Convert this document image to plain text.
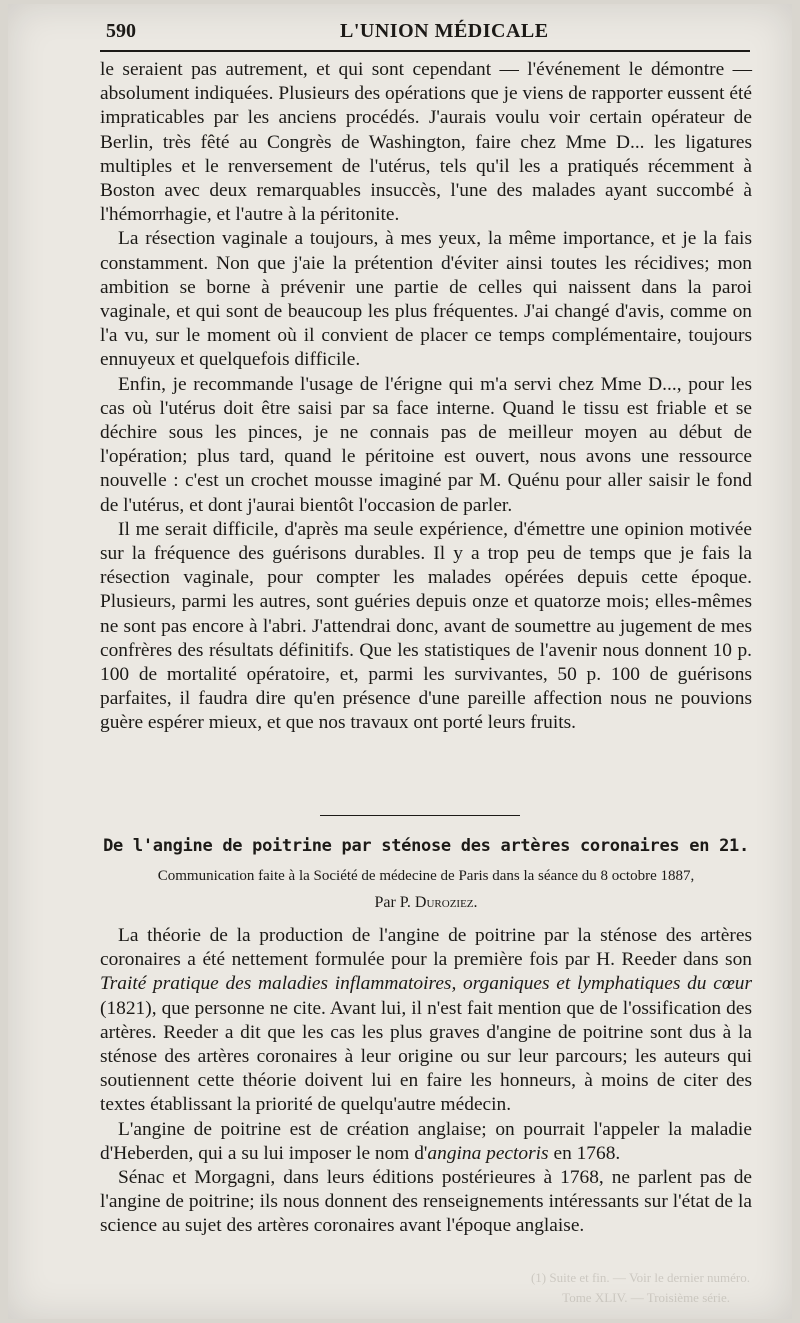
590	L'UNION MÉDICALE

le seraient pas autrement, et qui sont cependant — l'événement le démontre — absolument indiquées. Plusieurs des opérations que je viens de rapporter eussent été impraticables par les anciens procédés. J'aurais voulu voir certain opérateur de Berlin, très fêté au Congrès de Washington, faire chez Mme D... les ligatures multiples et le renversement de l'utérus, tels qu'il les a pratiqués récemment à Boston avec deux remarquables insuccès, l'une des malades ayant succombé à l'hémorrhagie, et l'autre à la péritonite.

La résection vaginale a toujours, à mes yeux, la même importance, et je la fais constamment. Non que j'aie la prétention d'éviter ainsi toutes les récidives; mon ambition se borne à prévenir une partie de celles qui naissent dans la paroi vaginale, et qui sont de beaucoup les plus fréquentes. J'ai changé d'avis, comme on l'a vu, sur le moment où il convient de placer ce temps complémentaire, toujours ennuyeux et quelquefois difficile.

Enfin, je recommande l'usage de l'érigne qui m'a servi chez Mme D..., pour les cas où l'utérus doit être saisi par sa face interne. Quand le tissu est friable et se déchire sous les pinces, je ne connais pas de meilleur moyen au début de l'opération; plus tard, quand le péritoine est ouvert, nous avons une ressource nouvelle : c'est un crochet mousse imaginé par M. Quénu pour aller saisir le fond de l'utérus, et dont j'aurai bientôt l'occasion de parler.

Il me serait difficile, d'après ma seule expérience, d'émettre une opinion motivée sur la fréquence des guérisons durables. Il y a trop peu de temps que je fais la résection vaginale, pour compter les malades opérées depuis cette époque. Plusieurs, parmi les autres, sont guéries depuis onze et quatorze mois; elles-mêmes ne sont pas encore à l'abri. J'attendrai donc, avant de soumettre au jugement de mes confrères des résultats définitifs. Que les statistiques de l'avenir nous donnent 10 p. 100 de mortalité opératoire, et, parmi les survivantes, 50 p. 100 de guérisons parfaites, il faudra dire qu'en présence d'une pareille affection nous ne pouvions guère espérer mieux, et que nos travaux ont porté leurs fruits.

De l'angine de poitrine par sténose des artères coronaires en 21.
Communication faite à la Société de médecine de Paris dans la séance du 8 octobre 1887,
Par P. Duroziez.

La théorie de la production de l'angine de poitrine par la sténose des artères coronaires a été nettement formulée pour la première fois par H. Reeder dans son Traité pratique des maladies inflammatoires, organiques et lymphatiques du cœur (1821), que personne ne cite. Avant lui, il n'est fait mention que de l'ossification des artères. Reeder a dit que les cas les plus graves d'angine de poitrine sont dus à la sténose des artères coronaires à leur origine ou sur leur parcours; les auteurs qui soutiennent cette théorie doivent lui en faire les honneurs, à moins de citer des textes établissant la priorité de quelqu'autre médecin.

L'angine de poitrine est de création anglaise; on pourrait l'appeler la maladie d'Heberden, qui a su lui imposer le nom d'angina pectoris en 1768.

Sénac et Morgagni, dans leurs éditions postérieures à 1768, ne parlent pas de l'angine de poitrine; ils nous donnent des renseignements intéressants sur l'état de la science au sujet des artères coronaires avant l'époque anglaise.

(1) Suite et fin. — Voir le dernier numéro.
Tome XLIV. — Troisième série.
